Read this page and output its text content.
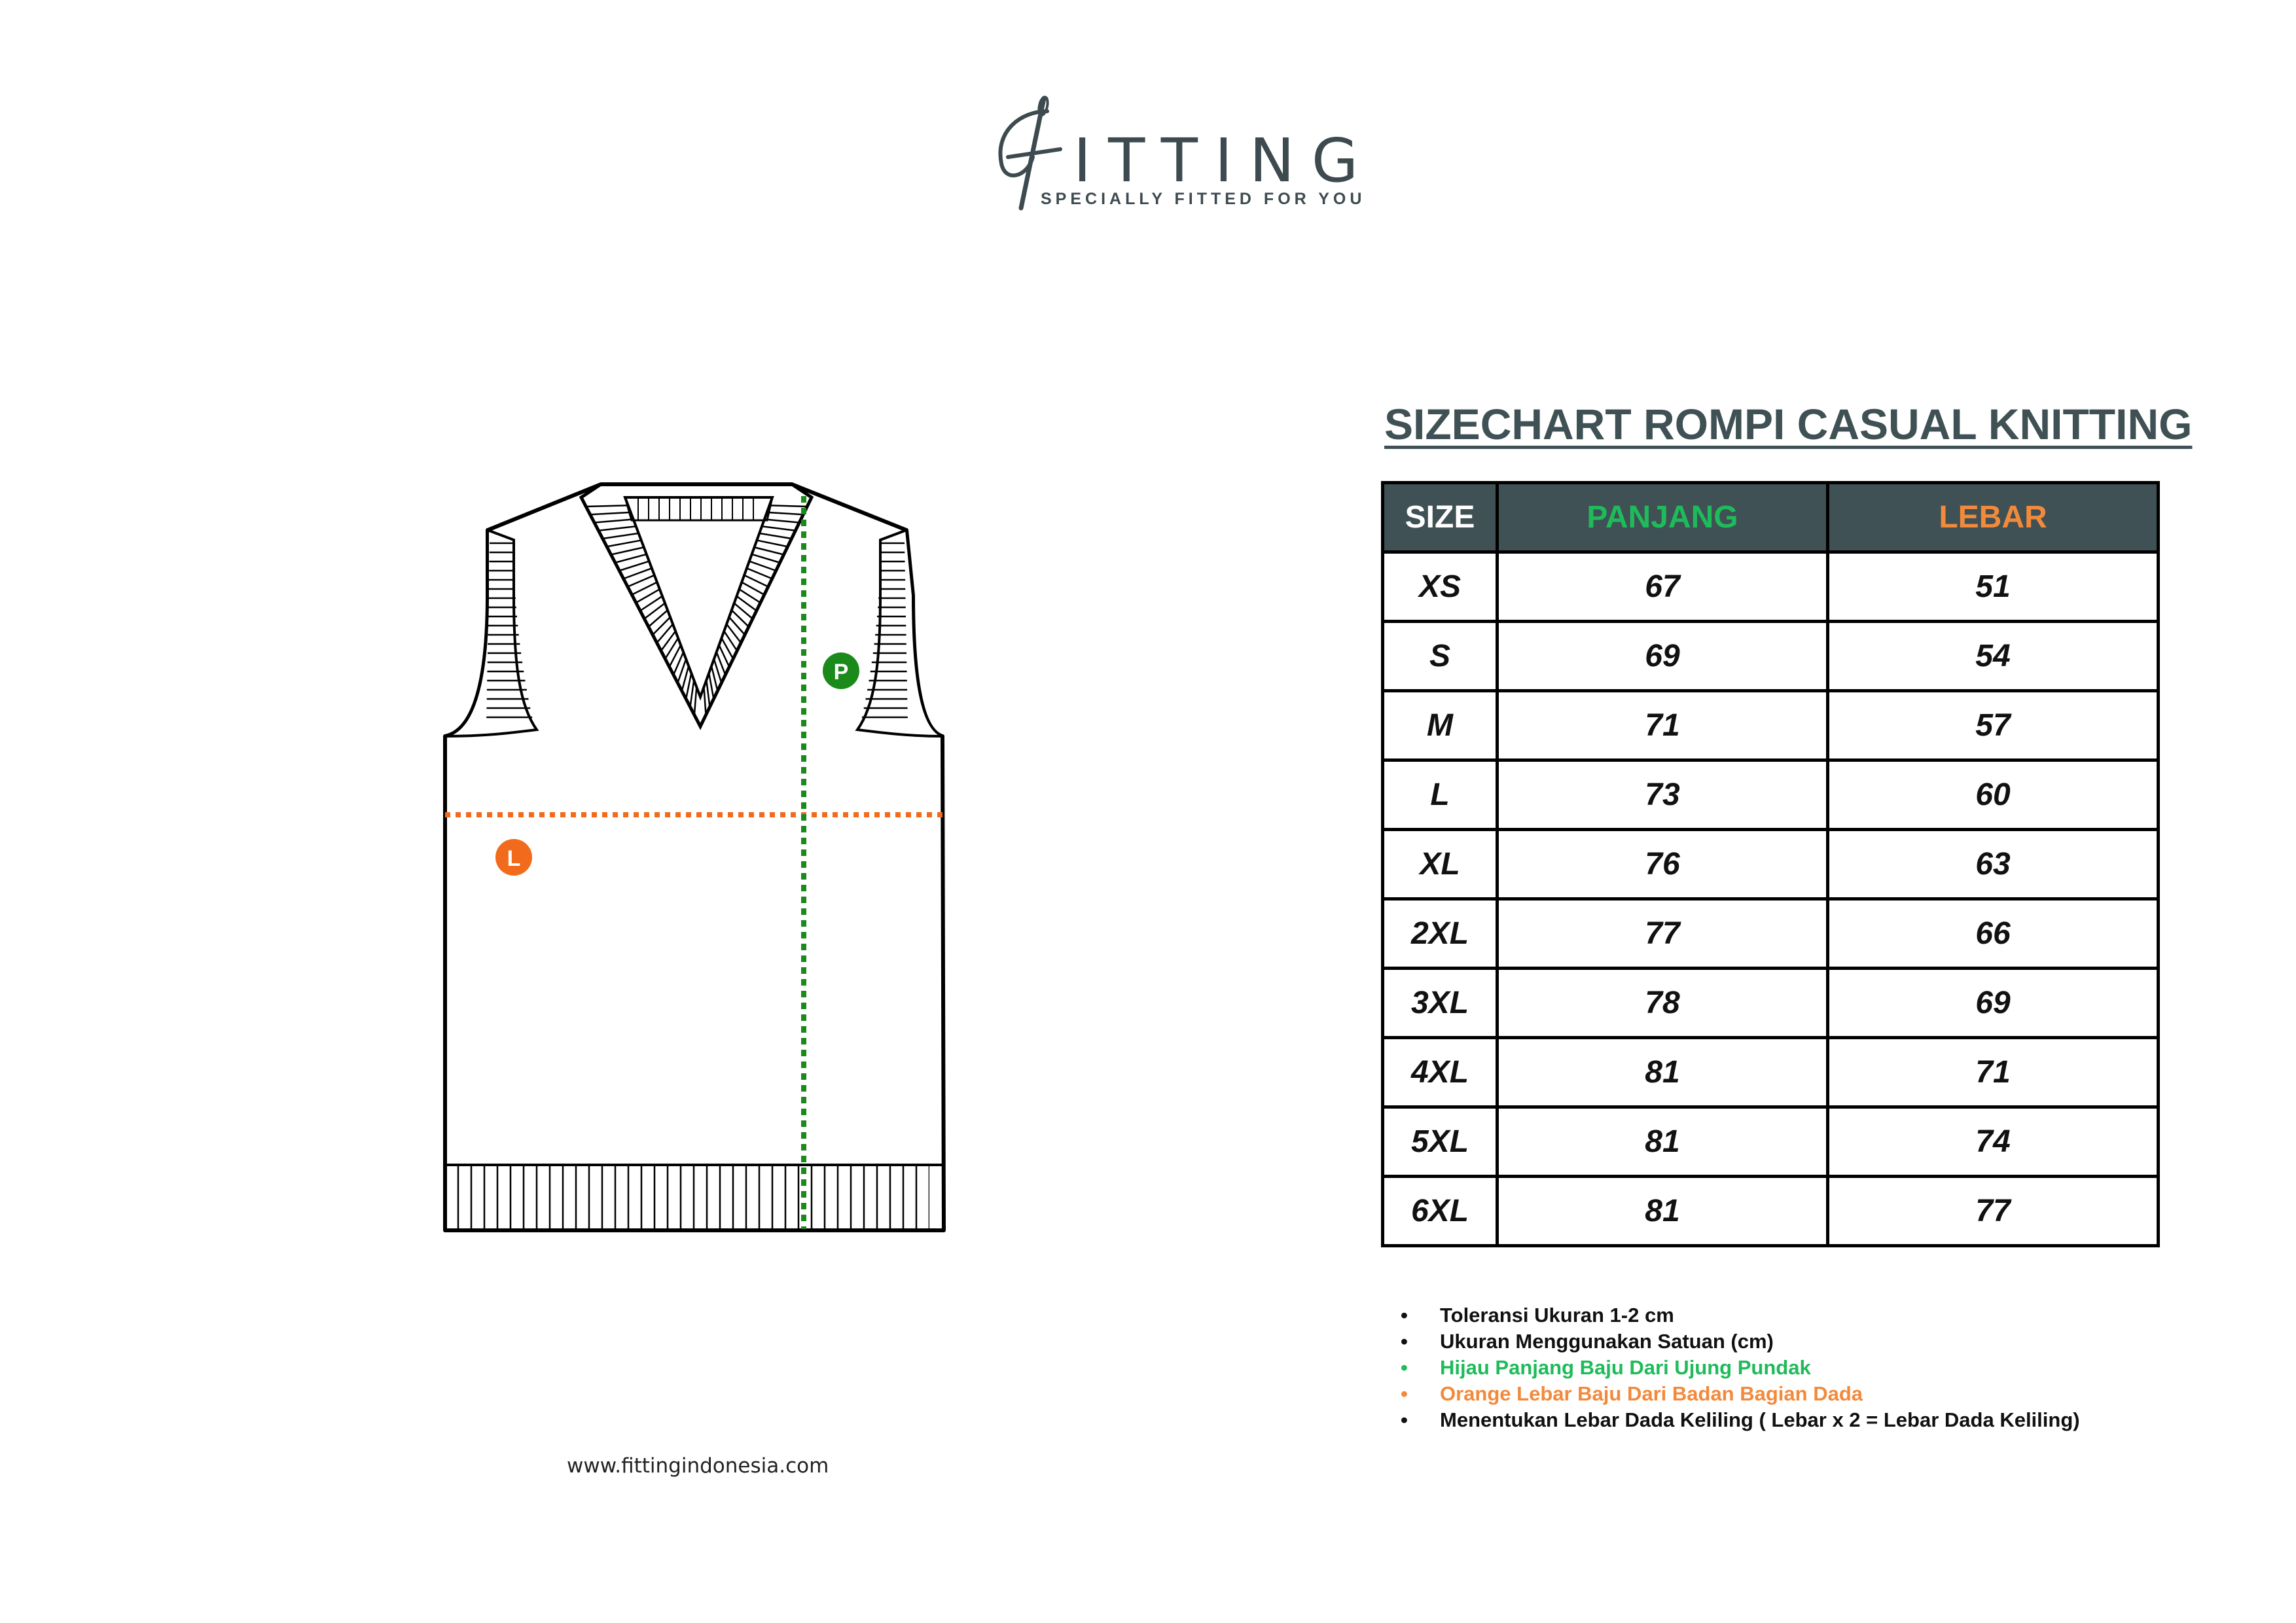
ITTING
SPECIALLY FITTED FOR YOU
P
L
SIZECHART ROMPI CASUAL KNITTING
SIZE	PANJANG	LEBAR
XS	67	51
S	69	54
M	71	57
L	73	60
XL	76	63
2XL	77	66
3XL	78	69
4XL	81	71
5XL	81	74
6XL	81	77
• Toleransi Ukuran 1-2 cm
• Ukuran Menggunakan Satuan (cm)
• Hijau Panjang Baju Dari Ujung Pundak
• Orange Lebar Baju Dari Badan Bagian Dada
• Menentukan Lebar Dada Keliling ( Lebar x 2 = Lebar Dada Keliling)
www.fittingindonesia.com
